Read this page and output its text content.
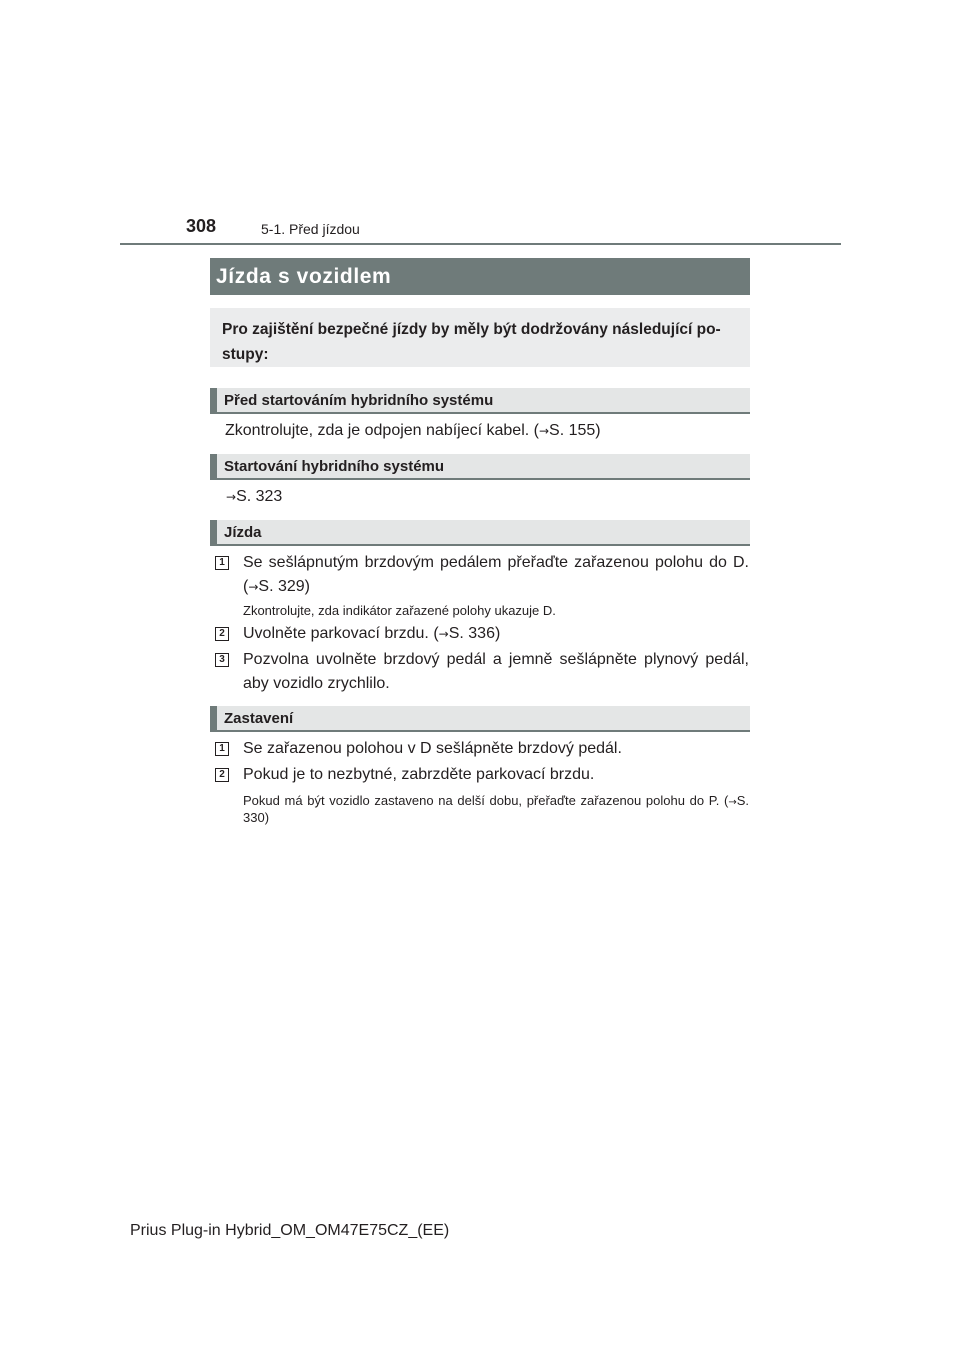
308	5-1. Před jízdou
Jízda s vozidlem
Pro zajištění bezpečné jízdy by měly být dodržovány následující po-stupy:
Před startováním hybridního systému
Zkontrolujte, zda je odpojen nabíjecí kabel. (→S. 155)
Startování hybridního systému
→S. 323
Jízda
1 Se sešlápnutým brzdovým pedálem přeřaďte zařazenou polohu do D. (→S. 329)
Zkontrolujte, zda indikátor zařazené polohy ukazuje D.
2 Uvolněte parkovací brzdu. (→S. 336)
3 Pozvolna uvolněte brzdový pedál a jemně sešlápněte plynový pedál, aby vozidlo zrychlilo.
Zastavení
1 Se zařazenou polohou v D sešlápněte brzdový pedál.
2 Pokud je to nezbytné, zabrzděte parkovací brzdu.
Pokud má být vozidlo zastaveno na delší dobu, přeřaďte zařazenou polohu do P. (→S. 330)
Prius Plug-in Hybrid_OM_OM47E75CZ_(EE)
